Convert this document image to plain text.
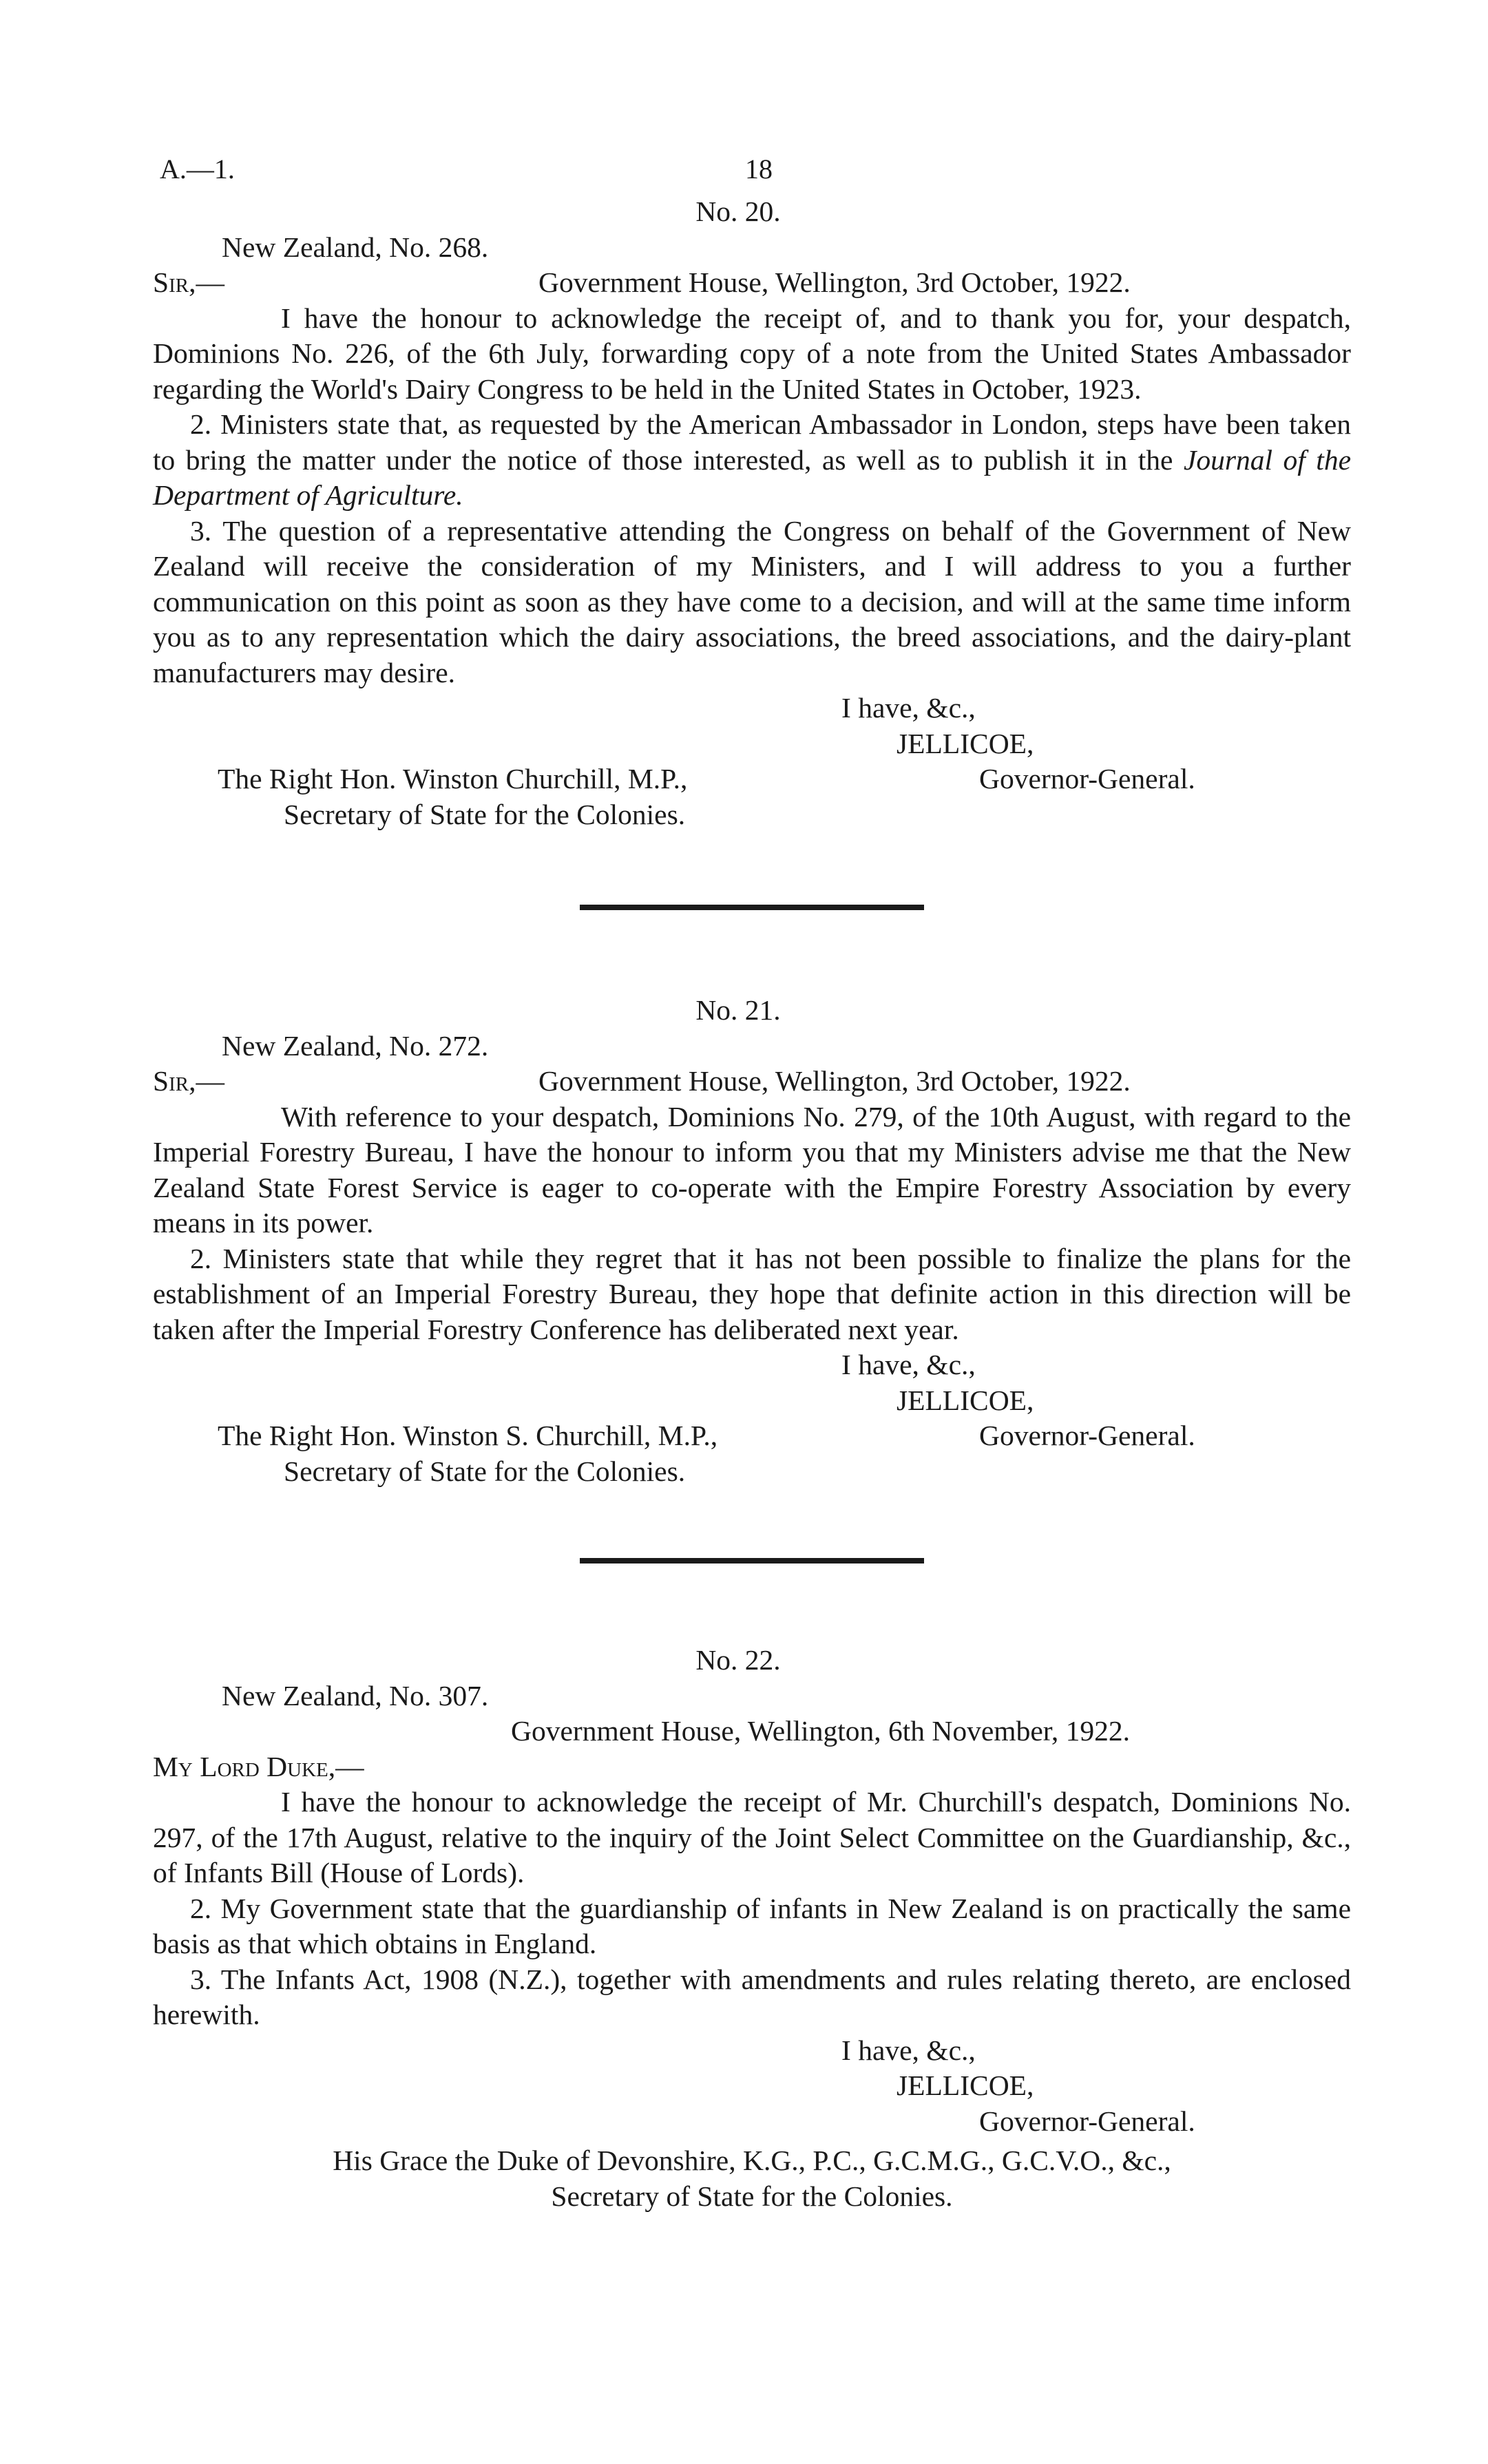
A.—1.	18
No. 20.
New Zealand, No. 268.
Sir,—	Government House, Wellington, 3rd October, 1922.

I have the honour to acknowledge the receipt of, and to thank you for, your despatch, Dominions No. 226, of the 6th July, forwarding copy of a note from the United States Ambassador regarding the World's Dairy Congress to be held in the United States in October, 1923.

2. Ministers state that, as requested by the American Ambassador in London, steps have been taken to bring the matter under the notice of those interested, as well as to publish it in the Journal of the Department of Agriculture.

3. The question of a representative attending the Congress on behalf of the Government of New Zealand will receive the consideration of my Ministers, and I will address to you a further communication on this point as soon as they have come to a decision, and will at the same time inform you as to any representation which the dairy associations, the breed associations, and the dairy-plant manufacturers may desire.

I have, &c.,
JELLICOE,
The Right Hon. Winston Churchill, M.P.,	Governor-General.
Secretary of State for the Colonies.
No. 21.
New Zealand, No. 272.
Sir,—	Government House, Wellington, 3rd October, 1922.

With reference to your despatch, Dominions No. 279, of the 10th August, with regard to the Imperial Forestry Bureau, I have the honour to inform you that my Ministers advise me that the New Zealand State Forest Service is eager to co-operate with the Empire Forestry Association by every means in its power.

2. Ministers state that while they regret that it has not been possible to finalize the plans for the establishment of an Imperial Forestry Bureau, they hope that definite action in this direction will be taken after the Imperial Forestry Conference has deliberated next year.

I have, &c.,
JELLICOE,
The Right Hon. Winston S. Churchill, M.P.,	Governor-General.
Secretary of State for the Colonies.
No. 22.
New Zealand, No. 307.
Government House, Wellington, 6th November, 1922.
My Lord Duke,—

I have the honour to acknowledge the receipt of Mr. Churchill's despatch, Dominions No. 297, of the 17th August, relative to the inquiry of the Joint Select Committee on the Guardianship, &c., of Infants Bill (House of Lords).

2. My Government state that the guardianship of infants in New Zealand is on practically the same basis as that which obtains in England.

3. The Infants Act, 1908 (N.Z.), together with amendments and rules relating thereto, are enclosed herewith.

I have, &c.,
JELLICOE,
Governor-General.
His Grace the Duke of Devonshire, K.G., P.C., G.C.M.G., G.C.V.O., &c.,
Secretary of State for the Colonies.
